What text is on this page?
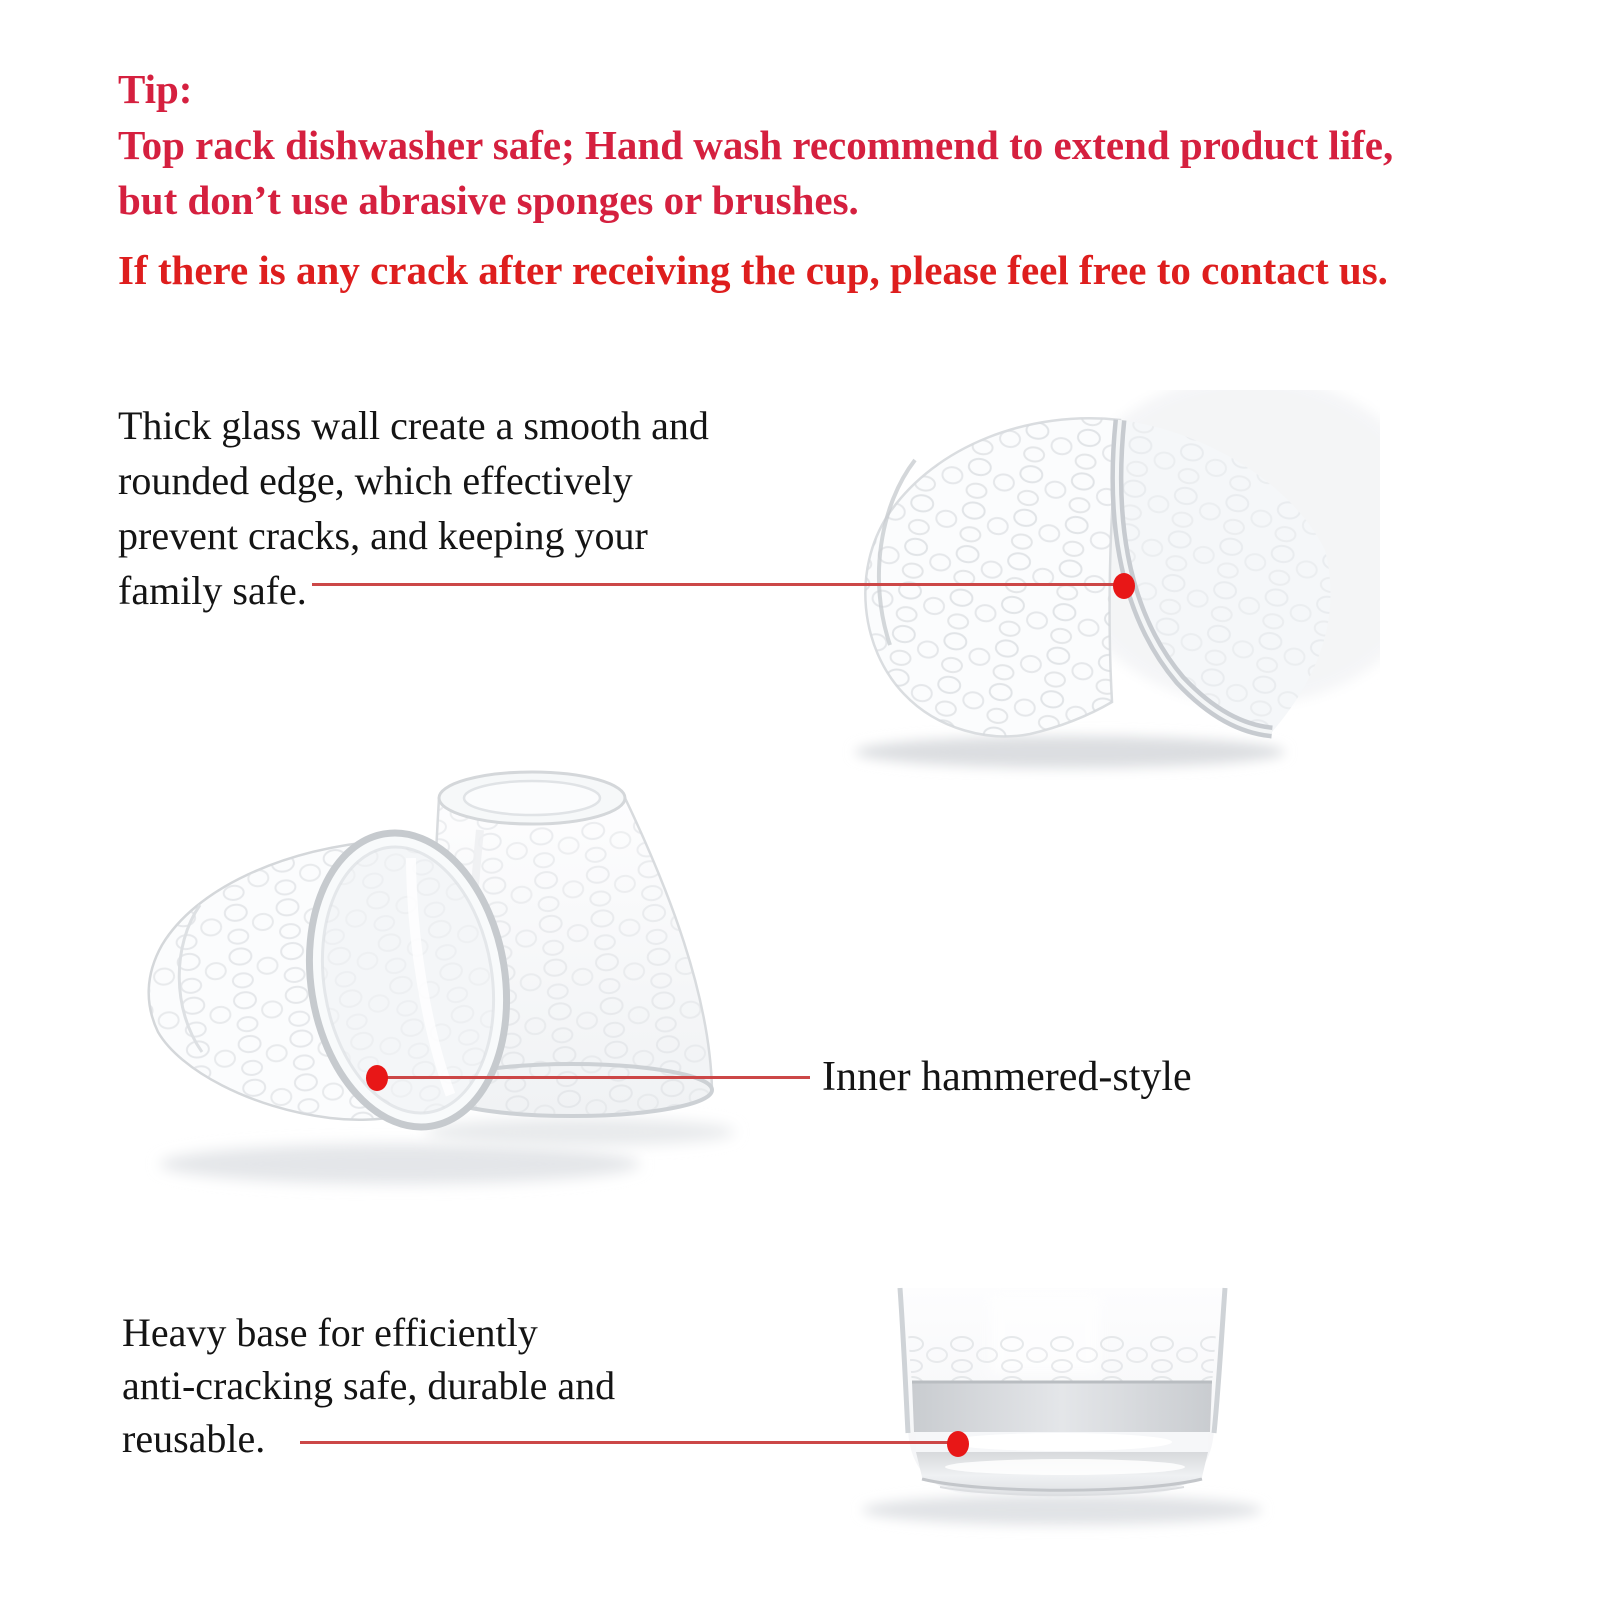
Tip:
Top rack dishwasher safe; Hand wash recommend to extend product life,
but don’t use abrasive sponges or brushes.
If there is any crack after receiving the cup, please feel free to contact us.
Thick glass wall create a smooth and
rounded edge, which effectively
prevent cracks, and keeping your
family safe.
Inner hammered-style
Heavy base for efficiently
anti-cracking safe, durable and
reusable.
